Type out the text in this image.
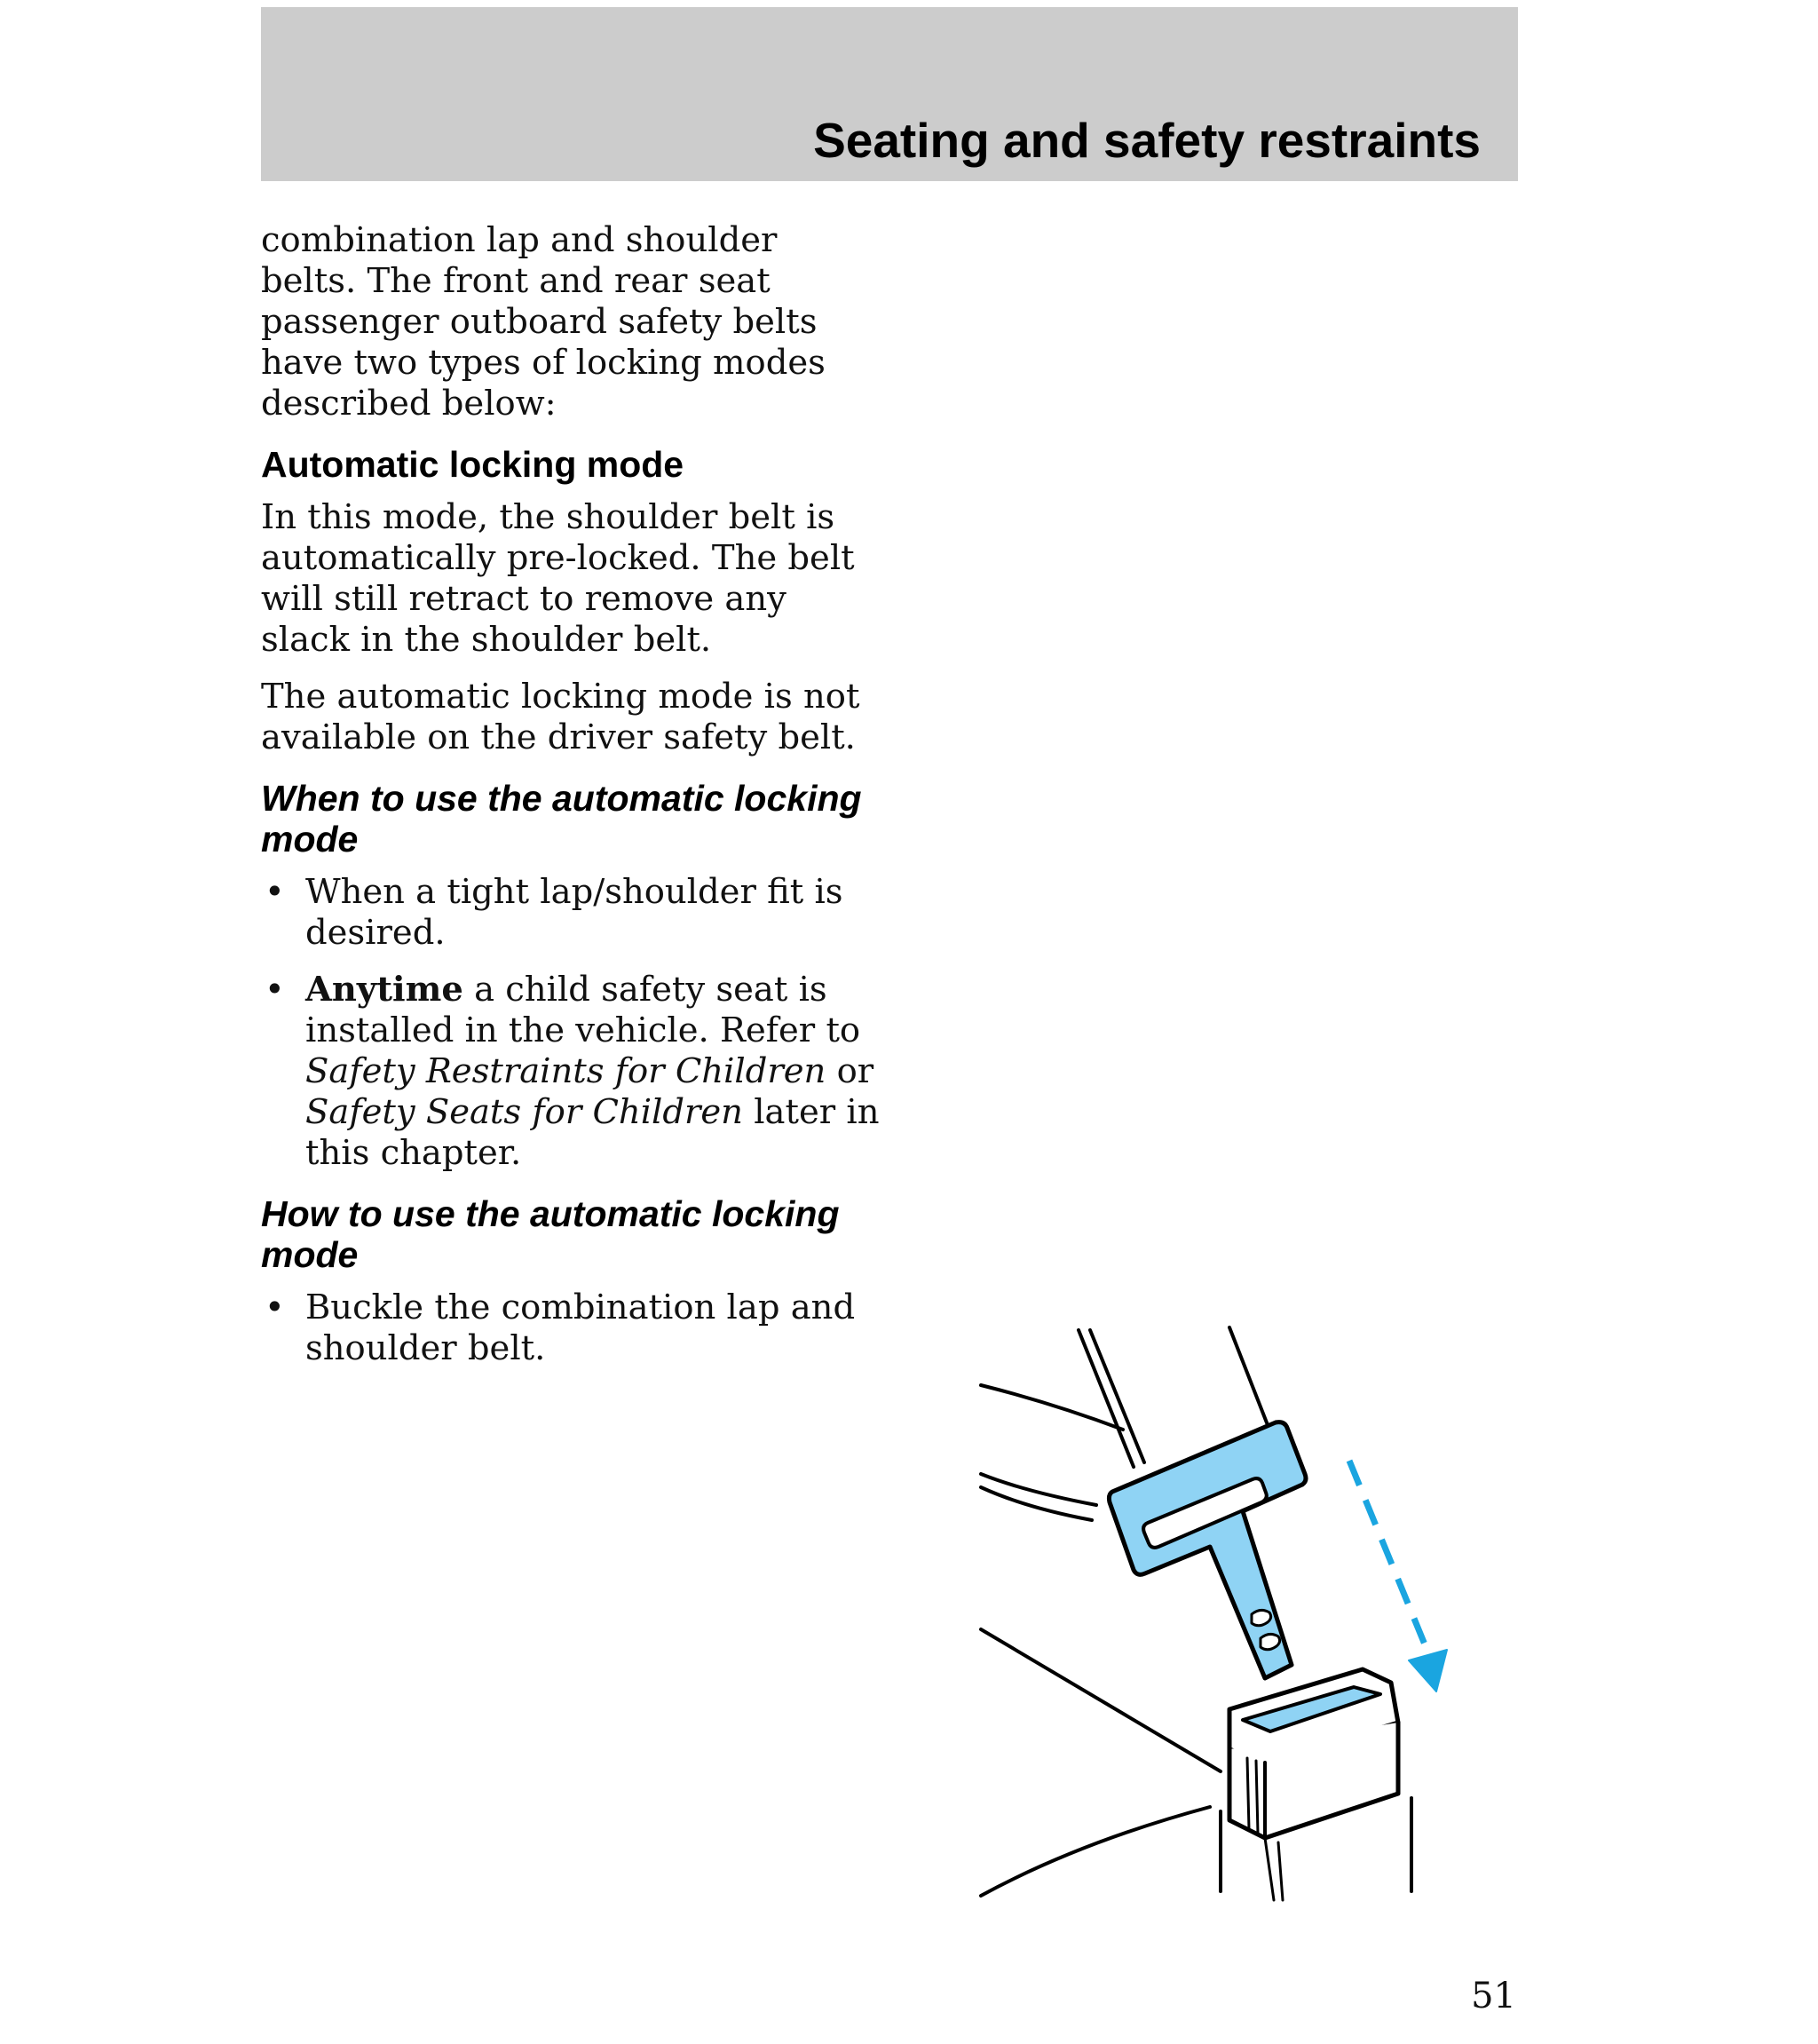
Seating and safety restraints

combination lap and shoulder belts. The front and rear seat passenger outboard safety belts have two types of locking modes described below:

Automatic locking mode

In this mode, the shoulder belt is automatically pre-locked. The belt will still retract to remove any slack in the shoulder belt.

The automatic locking mode is not available on the driver safety belt.

When to use the automatic locking mode
• When a tight lap/shoulder fit is desired.
• Anytime a child safety seat is installed in the vehicle. Refer to Safety Restraints for Children or Safety Seats for Children later in this chapter.
How to use the automatic locking mode
• Buckle the combination lap and shoulder belt.
51
